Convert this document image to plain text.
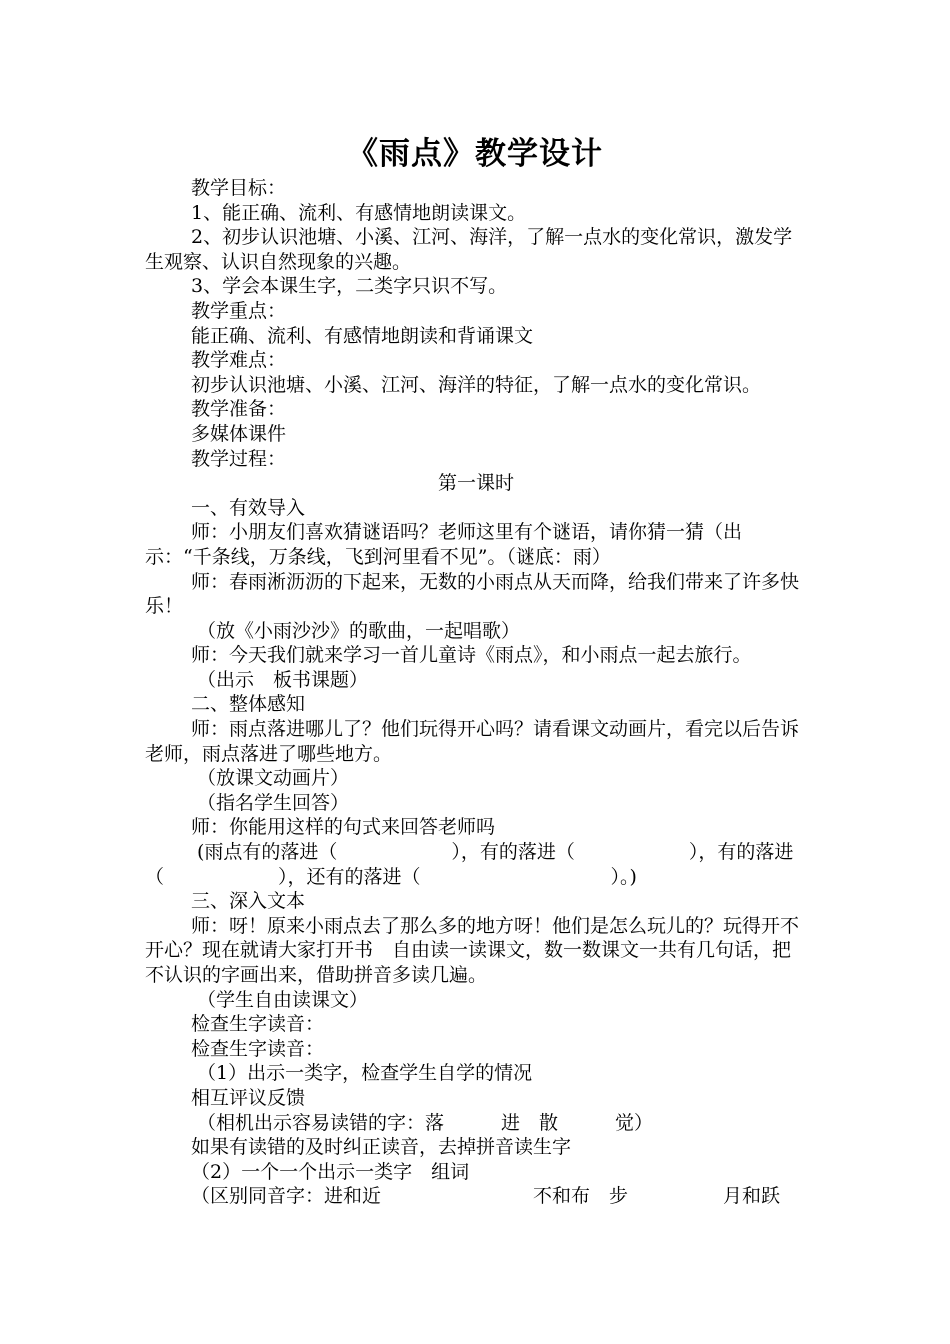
《雨点》教学设计

教学目标：

1、能正确、流利、有感情地朗读课文。

2、初步认识池塘、小溪、江河、海洋，了解一点水的变化常识，激发学生观察、认识自然现象的兴趣。

3、学会本课生字，二类字只识不写。

教学重点：

能正确、流利、有感情地朗读和背诵课文

教学难点：

初步认识池塘、小溪、江河、海洋的特征，了解一点水的变化常识。

教学准备：

多媒体课件

教学过程：

第一课时

一、有效导入

师：小朋友们喜欢猜谜语吗？老师这里有个谜语，请你猜一猜（出示：“千条线，万条线，飞到河里看不见”。（谜底：雨）

师：春雨淅沥沥的下起来，无数的小雨点从天而降，给我们带来了许多快乐！

（放《小雨沙沙》的歌曲，一起唱歌）

师：今天我们就来学习一首儿童诗《雨点》，和小雨点一起去旅行。

（出示　板书课题）

二、整体感知

师：雨点落进哪儿了？他们玩得开心吗？请看课文动画片，看完以后告诉老师，雨点落进了哪些地方。

（放课文动画片）

（指名学生回答）

师：你能用这样的句式来回答老师吗

(雨点有的落进（　　　　　　），有的落进（　　　　　　），有的落进（　　　　　　），还有的落进（　　　　　　　　　　）。)

三、深入文本

师：呀！原来小雨点去了那么多的地方呀！他们是怎么玩儿的？玩得开不开心？现在就请大家打开书　自由读一读课文，数一数课文一共有几句话，把不认识的字画出来，借助拼音多读几遍。

（学生自由读课文）

检查生字读音：

检查生字读音：

（1）出示一类字，检查学生自学的情况

相互评议反馈

（相机出示容易读错的字：落　　　进　散　　　觉）

如果有读错的及时纠正读音，去掉拼音读生字

（2）一个一个出示一类字　组词

（区别同音字：进和近　　　　　　　　不和布　步　　　　　月和跃
